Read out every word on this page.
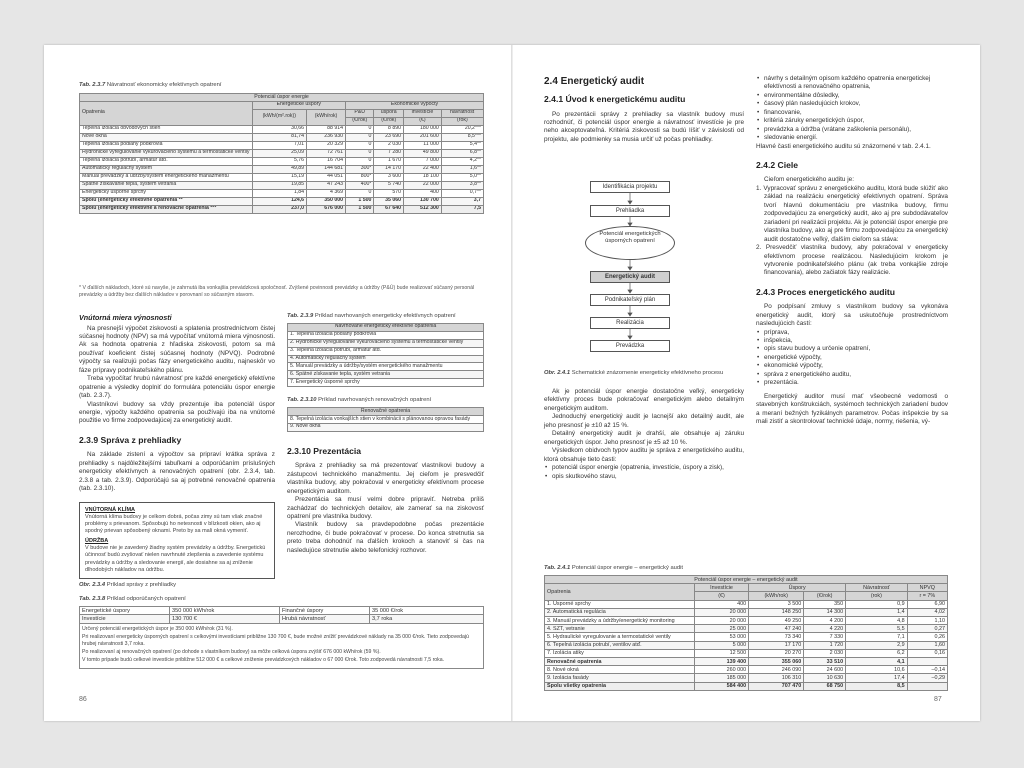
Tab. 2.3.7 Návratnosť ekonomicky efektívnych opatrení
Potenciál úspor energie						
Opatrenia	Energetické úspory		Ekonomické výpočty			
	(kWh/(m².rok))	(kWh/rok)	P&Ú	úspora	investície	návratnosť
			(€/rok)	(€/rok)	(€)	(rok)
Tepelná izolácia obvodových stien	30,66	88 914	0	8 890	180 000	20,2***
Nové okná	81,74	236 930	0	23 690	201 600	8,5***
Tepelná izolácia podlahy podkrovia	7,01	20 329	0	2 030	11 000	5,4**
Hydronické vyregulovanie vykurovacieho systému a termostatické ventily	25,09	72 761	0	7 280	49 800	6,8**
Tepelná izolácia potrubí, armatúr atď.	5,76	16 704	0	1 670	7 000	4,2**
Automatický regulačný systém	49,89	144 681	300*	14 170	22 400	1,6**
Manuál prevádzky a údržby/systém energetického manažmentu	15,19	44 051	800*	3 600	18 100	5,0**
Spätné získavanie tepla, systém vetrania	19,85	47 243	400*	5 740	22 000	3,8**
Energetický úsporné sprchy	1,84	4 369	0	570	400	0,7**
Spolu (energetický efektívne opatrenia **	124,6	350 000	1 500	35 060	130 700	3,7
Spolu (energetický efektívne a renovačné opatrenia ***	237,0	676 000	1 500	67 640	512 300	7,5
* V ďalších nákladoch, ktoré sú navyše, je zahrnutá iba vonkajšia prevádzková spoločnosť. Zvýšené povinnosti prevádzky a údržby (P&Ú) bude realizovať súčasný personál prevádzky a údržby bez ďalších nákladov v porovnaní so súčasným stavom.
Vnútorná miera výnosnosti

Na presnejší výpočet ziskovosti a splatenia prostredníctvom čistej súčasnej hodnoty (NPV) sa má vypočítať vnútorná miera výnosnosti. Ak sa hodnota opatrenia z hľadiska ziskovosti, potom sa má používať koeficient čistej súčasnej hodnoty (NPVQ). Podrobné výpočty sa realizujú počas fázy energetického auditu, najneskôr vo fáze prípravy podnikateľského plánu.

Treba vypočítať hrubú návratnosť pre každé energetický efektívne opatrenie a výsledky doplniť do formulára potenciálu úspor energie (tab. 2.3.7).

Vlastníkovi budovy sa vždy prezentuje iba potenciál úspor energie, výpočty každého opatrenia sa používajú iba na vnútorné použitie vo firme zodpovedajúcej za energetický audit.

2.3.9 Správa z prehliadky

Na základe zistení a výpočtov sa pripraví krátka správa z prehliadky s najdôležitejšími tabuľkami a odporúčaním príslušných energeticky efektívnych a renovačných opatrení (obr. 2.3.4, tab. 2.3.8 a tab. 2.3.9). Odporúčajú sa aj potrebné renovačné opatrenia (tab. 2.3.10).

VNÚTORNÁ KLÍMA
Vnútorná klíma budovy je celkom dobrá, počas zimy sú tam však značné problémy s prievanom. Spôsobujú ho netesnosti v blízkosti okien, ako aj spodný prievan spôsobený oknami. Preto by sa mali okná vymeniť.
ÚDRŽBA
V budove nie je zavedený žiadny systém prevádzky a údržby. Energetickú účinnosť budú zvyšovať nielen navrhnuté zlepšenia a zavedenie systému prevádzky a údržby a sledovanie energií, ale dosiahne sa aj zníženie dlhodobých nákladov na údržbu.
Obr. 2.3.4 Príklad správy z prehliadky
Tab. 2.3.9 Príklad navrhovaných energeticky efektívnych opatrení
Navrhované energetický efektívne opatrenia
1. Tepelná izolácia podlahy podkrovia
2. Hydronické vyregulovanie vykurovacieho systému a termostatické ventily
3. Tepelná izolácia potrubí, armatúr atď.
4. Automatický regulačný systém
5. Manuál prevádzky a údržby/systém energetického manažmentu
6. Spätné získavanie tepla, systém vetrania
7. Energetický úsporné sprchy
Tab. 2.3.10 Príklad navrhovaných renovačných opatrení
Renovačné opatrenia
8. Tepelná izolácia vonkajších stien v kombinácii s plánovanou opravou fasády
9. Nové okná
2.3.10 Prezentácia

Správa z prehliadky sa má prezentovať vlastníkovi budovy a zástupcovi technického manažmentu. Jej cieľom je presvedčiť vlastníka budovy, aby pokračoval v energeticky efektívnom procese energetickým auditom.

Prezentácia sa musí velmi dobre pripraviť. Netreba príliš zachádzať do technických detailov, ale zamerať sa na ziskovosť opatrení pre vlastníka budovy.

Vlastník budovy sa pravdepodobne počas prezentácie nerozhodne, či bude pokračovať v procese. Do konca stretnutia sa preto treba dohodnúť na ďalších krokoch a stanoviť si čas na nasledujúce stretnutie alebo telefonický rozhovor.

Tab. 2.3.8 Príklad odporúčaných opatrení
Energetické úspory	350 000 kWh/rok	Finančné úspory	35 000 €/rok
Investície	130 700 €	Hrubá návratnosť	3,7 roka
Určený potenciál energetických úspor je 350 000 kWh/rok (31 %).
Pri realizovaní energeticky úsporných opatrení s celkovými investíciami približne 130 700 €, bude možné znížiť prevádzkové náklady na 35 000 €/rok. Tieto zodpovedajú hrubej návratnosti 3,7 roka.
Po realizovaní aj renovačných opatrení (po dohode s vlastníkom budovy) sa môže celková úspora zvýšiť 676 000 kWh/rok (59 %).
V tomto prípade budú celkové investície približne 512 000 € a celkové zníženie prevádzkových nákladov o 67 000 €/rok. Toto zodpovedá návratnosti 7,5 roka.
86
2.4 Energetický audit
2.4.1 Úvod k energetickému auditu

Po prezentácii správy z prehliadky sa vlastník budovy musí rozhodnúť, či potenciál úspor energie a návratnosť investície je pre neho akceptovateľná. Kritériá ziskovosti sa budú líšiť v závislosti od projektu, ale podmienky sa musia určiť už počas prehliadky.

Identifikácia projektu
Prehliadka
Potenciál energetických úsporných opatrení
Energetický audit
Podnikateľský plán
Realizácia
Prevádzka
Obr. 2.4.1 Schematické znázornenie energeticky efektívneho procesu

Ak je potenciál úspor energie dostatočne veľký, energeticky efektívny proces bude pokračovať energetickým alebo detailným energetickým auditom.

Jednoduchý energetický audit je lacnejší ako detailný audit, ale jeho presnosť je ±10 až 15 %.

Detailný energetický audit je drahší, ale obsahuje aj záruku energetických úspor. Jeho presnosť je ±5 až 10 %.

Výsledkom obidvoch typov auditu je správa z energetického auditu, ktorá obsahuje tieto časti:

• potenciál úspor energie (opatrenia, investície, úspory a zisk),
• opis skutkového stavu,
• návrhy s detailným opisom každého opatrenia energetickej efektívnosti a renovačného opatrenia,
• environmentálne dôsledky,
• časový plán nasledujúcich krokov,
• financovanie,
• kritériá záruky energetických úspor,
• prevádzka a údržba (vrátane zaškolenia personálu),
• sledovanie energií.

Hlavné časti energetického auditu sú znázornené v tab. 2.4.1.

2.4.2 Ciele

Cieľom energetického auditu je:

1. Vypracovať správu z energetického auditu, ktorá bude slúžiť ako základ na realizáciu energetický efektívnych opatrení. Správa tvorí hlavnú dokumentáciu pre vlastníka budovy, firmu zodpovedajúcu za energetický audit, ako aj pre subdodávateľov zariadení pri realizácii projektu. Ak je potenciál úspor energie pre vlastníka budovy, ako aj pre firmu zodpovedajúcu za energetický audit dostatočne veľký, ďalším cieľom sa stáva:

2. Presvedčiť vlastníka budovy, aby pokračoval v energeticky efektívnom procese realizácou. Nasledujúcim krokom je vytvorenie podnikateľského plánu (ak treba vonkajšie zdroje financovania), alebo začiatok fázy realizácie.

2.4.3 Proces energetického auditu

Po podpísaní zmluvy s vlastníkom budovy sa vykonáva energetický audit, ktorý sa uskutočňuje prostredníctvom nasledujúcich častí:

• príprava,
• inšpekcia,
• opis stavu budovy a určenie opatrení,
• energetické výpočty,
• ekonomické výpočty,
• správa z energetického auditu,
• prezentácia.

Energetický auditor musí mať všeobecné vedomosti o stavebných konštrukciách, systémoch technických zariadení budov a meraní bežných fyzikálnych parametrov. Počas inšpekcie by sa mali zistiť a skontrolovať technické údaje, normy, riešenia, vý-

Tab. 2.4.1 Potenciál úspor energie – energetický audit
Potenciál úspor energie – energetický audit					
Opatrenia	Investície	Úspory		Návratnosť	NPVQ
	(€)	(kWh/rok)	(€/rok)	(rok)	r = 7%
1. Úsporné sprchy	400	3 500	350	0,9	6,90
2. Automatická regulácia	20 000	148 250	14 300	1,4	4,02
3. Manuál prevádzky a údržby/energetický monitoring	20 000	49 250	4 200	4,8	1,10
4. SZT, vetranie	25 000	47 240	4 220	5,5	0,27
5. Hydraulické vyregulovanie a termostatické ventily	53 000	73 340	7 330	7,1	0,26
6. Tepelná izolácia potrubí, ventilov atď.	5 000	17 170	1 720	2,9	1,60
7. Izolácia atiky	12 500	20 270	2 030	6,2	0,16
Renovačné opatrenia	139 400	355 060	33 510	4,1	
8. Nové okná	260 000	246 090	24 600	10,6	–0,14
9. Izolácia fasády	185 000	106 310	10 630	17,4	–0,29
Spolu všetky opatrenia	584 400	707 470	68 750	8,5	
87
